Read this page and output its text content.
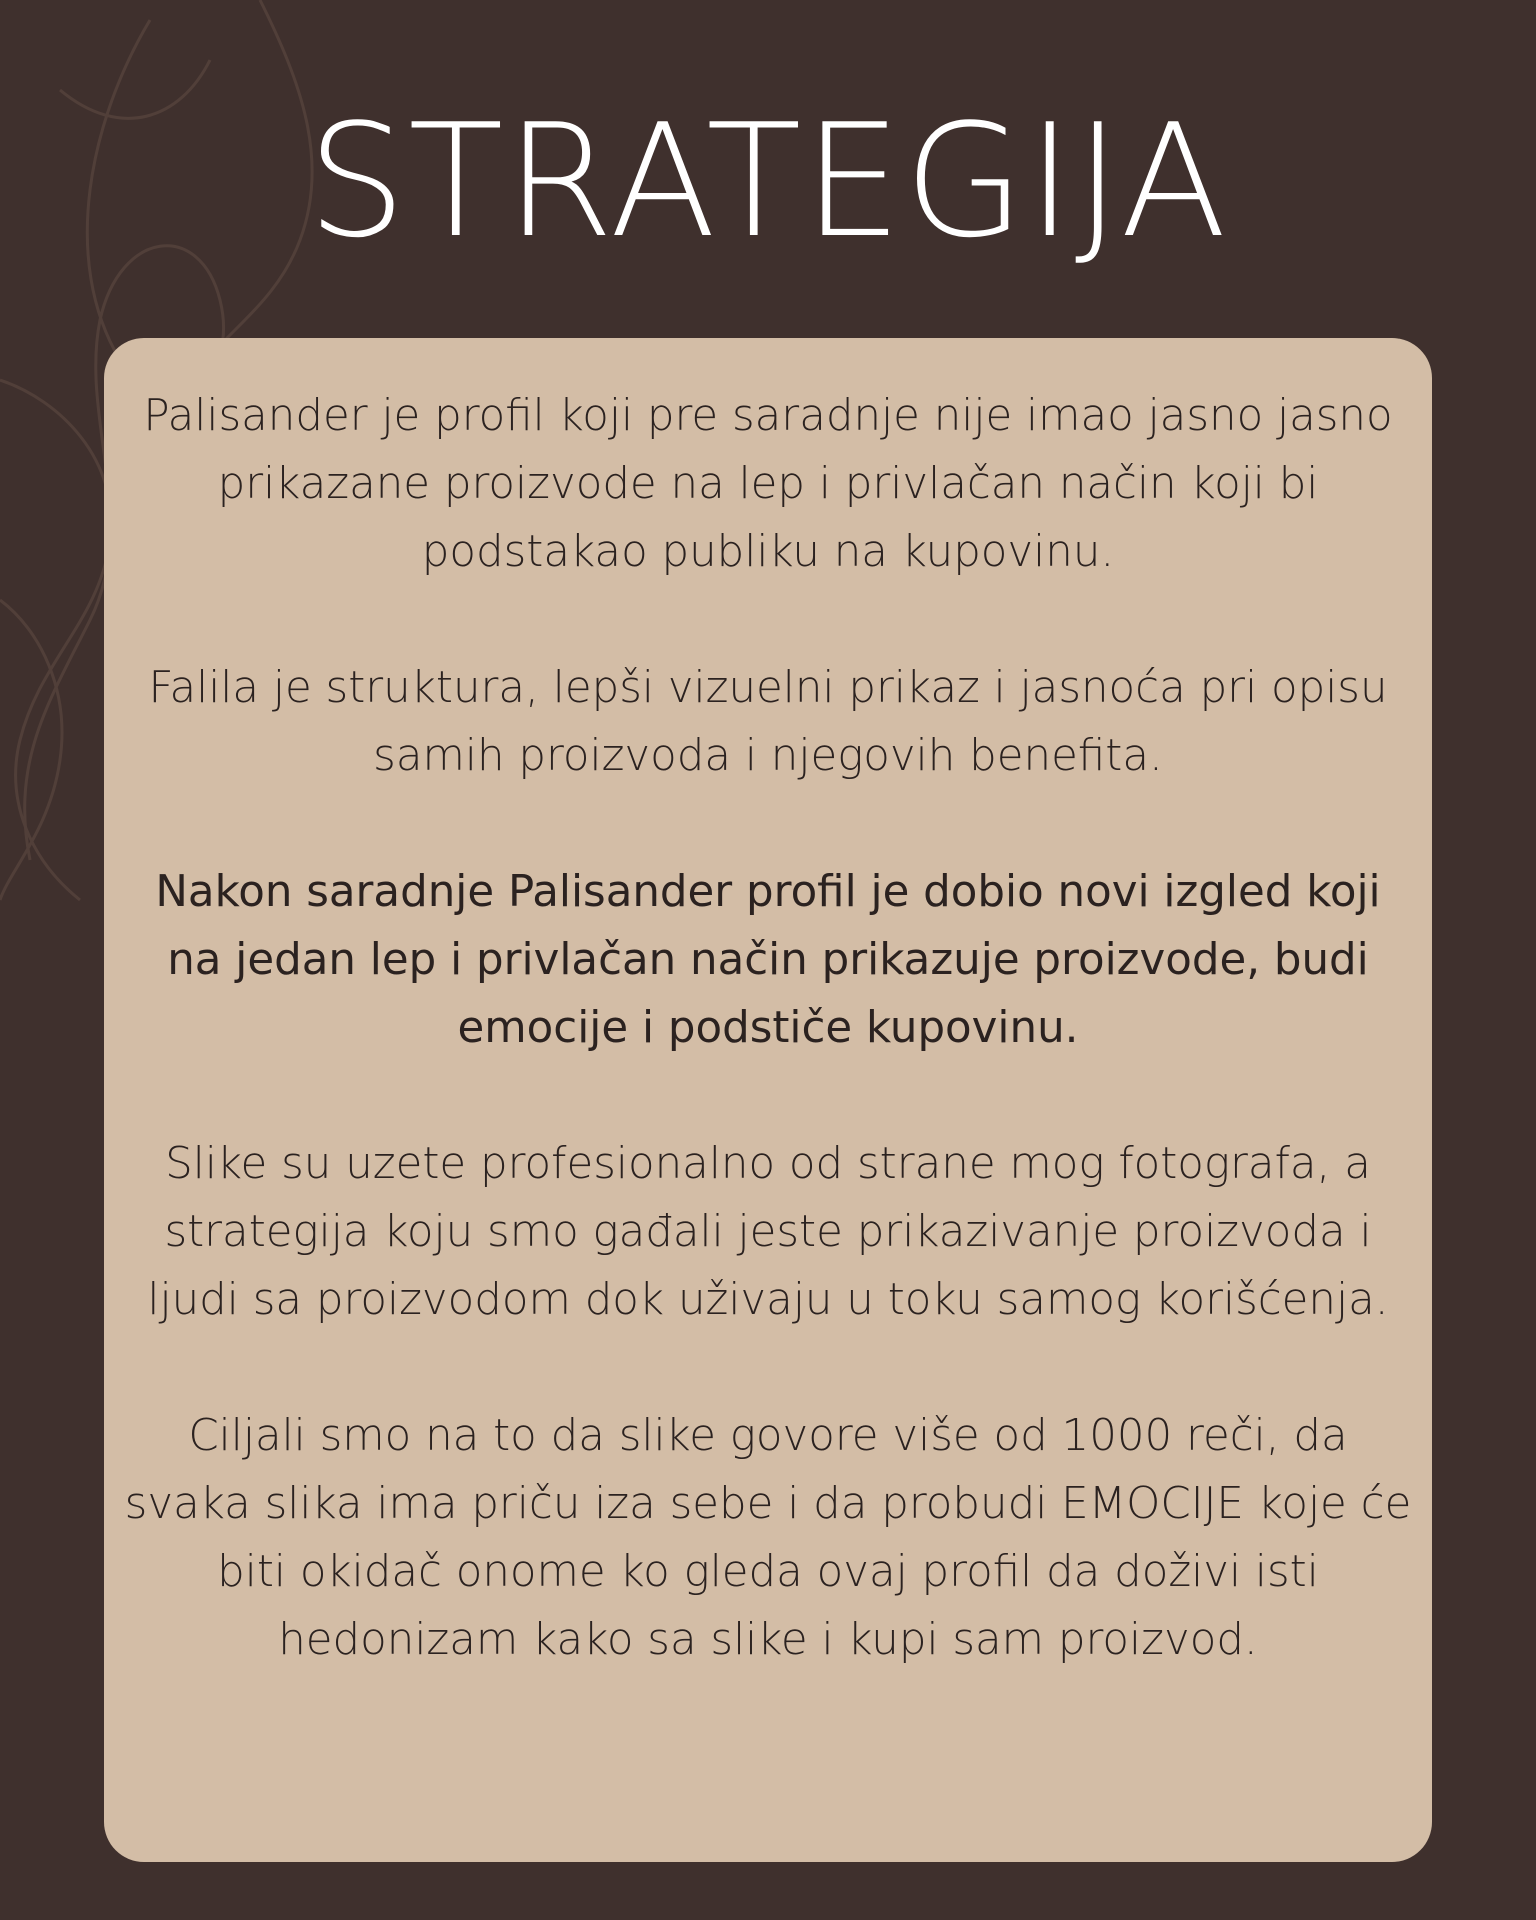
STRATEGIJA

Palisander je profil koji pre saradnje nije imao jasno jasno prikazane proizvode na lep i privlačan način koji bi podstakao publiku na kupovinu.

Falila je struktura, lepši vizuelni prikaz i jasnoća pri opisu samih proizvoda i njegovih benefita.

Nakon saradnje Palisander profil je dobio novi izgled koji na jedan lep i privlačan način prikazuje proizvode, budi emocije i podstiče kupovinu.

Slike su uzete profesionalno od strane mog fotografa, a strategija koju smo gađali jeste prikazivanje proizvoda i ljudi sa proizvodom dok uživaju u toku samog korišćenja.

Ciljali smo na to da slike govore više od 1000 reči, da svaka slika ima priču iza sebe i da probudi EMOCIJE koje će biti okidač onome ko gleda ovaj profil da doživi isti hedonizam kako sa slike i kupi sam proizvod.
